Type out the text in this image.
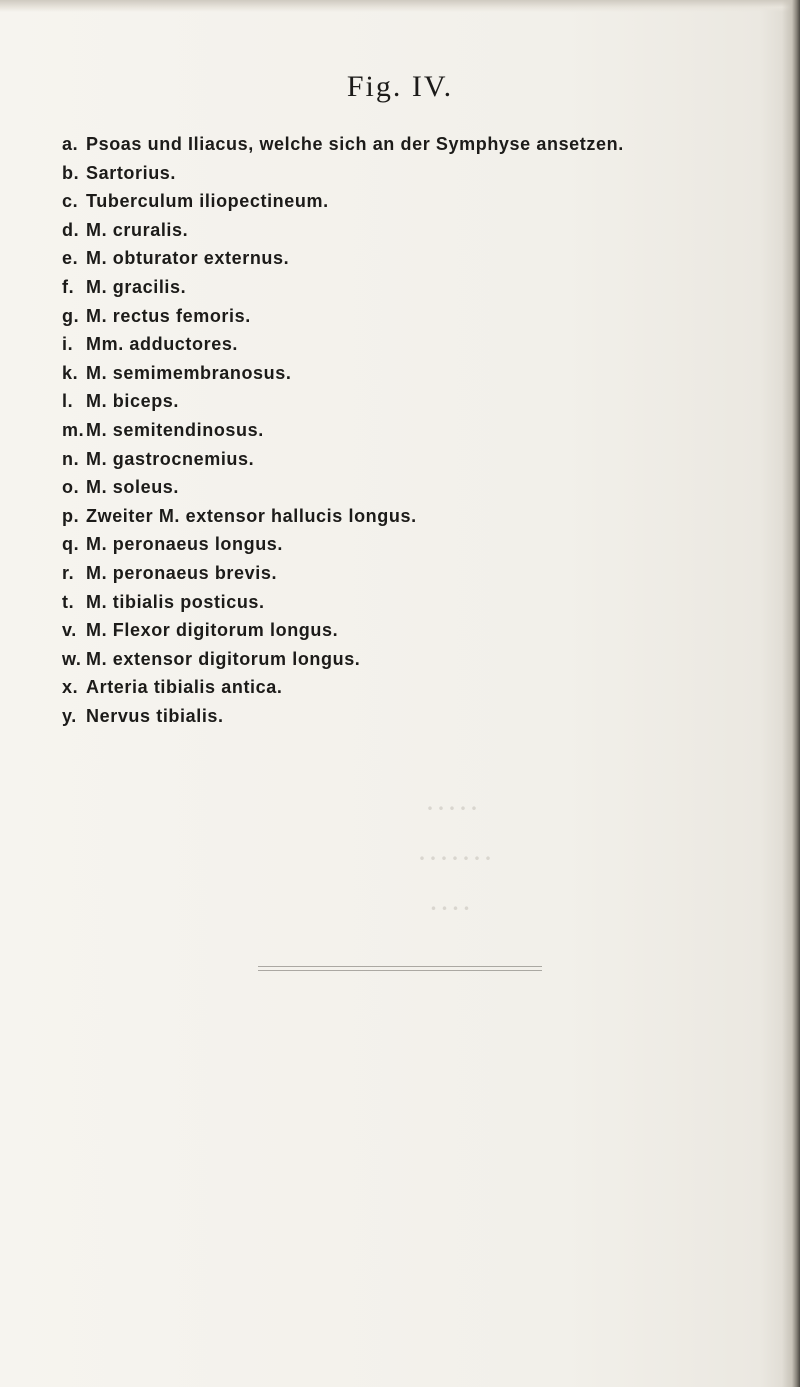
. . . . .
. . . . . . .
. . . .
Fig. IV.
a. Psoas und Iliacus, welche sich an der Symphyse ansetzen.
b. Sartorius.
c. Tuberculum iliopectineum.
d. M. cruralis.
e. M. obturator externus.
f. M. gracilis.
g. M. rectus femoris.
i. Mm. adductores.
k. M. semimembranosus.
l. M. biceps.
m.M. semitendinosus.
n. M. gastrocnemius.
o. M. soleus.
p. Zweiter M. extensor hallucis longus.
q. M. peronaeus longus.
r. M. peronaeus brevis.
t. M. tibialis posticus.
v. M. Flexor digitorum longus.
w. M. extensor digitorum longus.
x. Arteria tibialis antica.
y. Nervus tibialis.
